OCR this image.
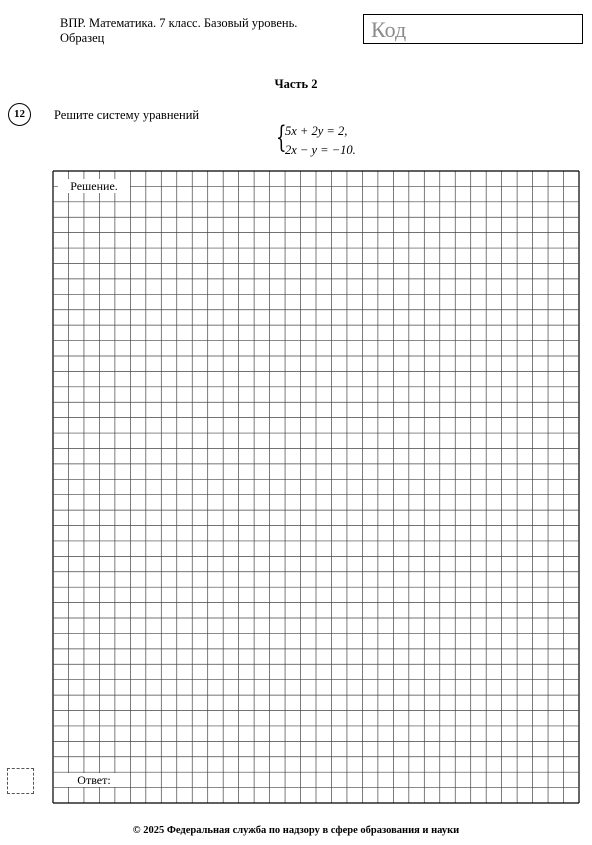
ВПР. Математика. 7 класс. Базовый уровень.
Образец	Код
Часть 2
12	Решите систему уравнений
{
5x + 2y = 2,
2x − y = −10.
Решение.
Ответ:
© 2025 Федеральная служба по надзору в сфере образования и науки
